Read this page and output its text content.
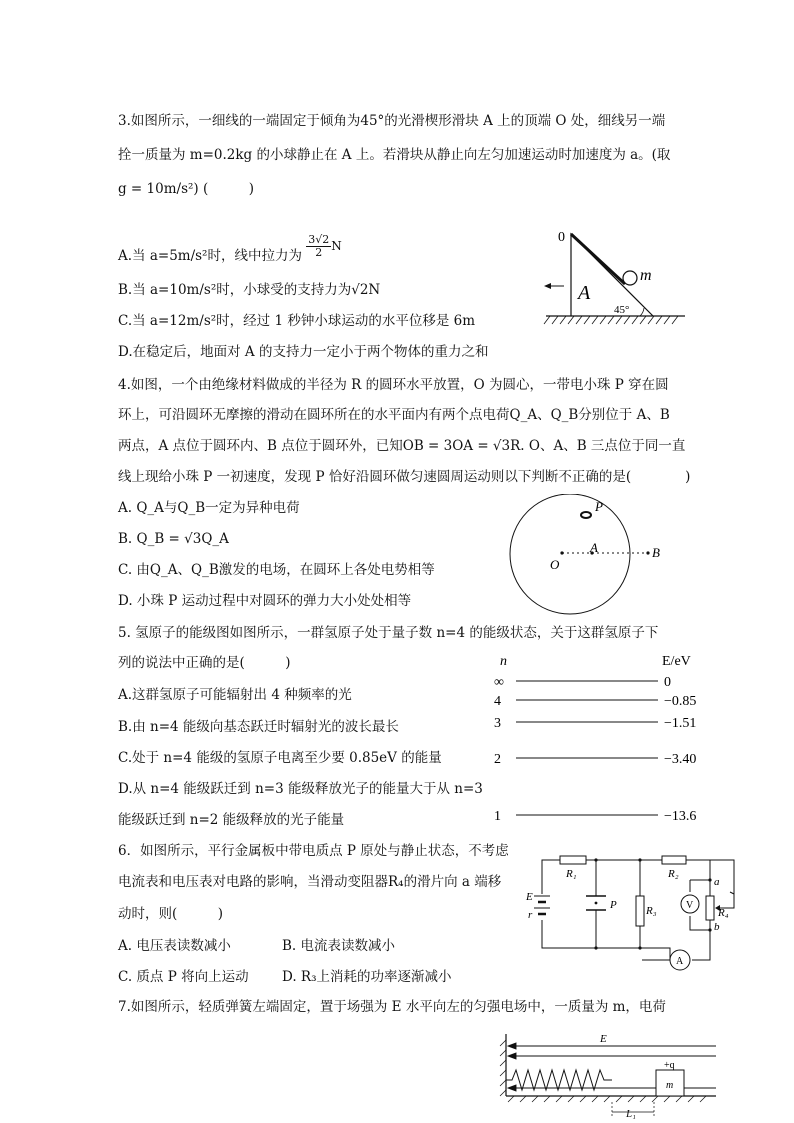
3.如图所示，一细线的一端固定于倾角为45°的光滑楔形滑块 A 上的顶端 O 处，细线另一端
拴一质量为 m=0.2kg 的小球静止在 A 上。若滑块从静止向左匀加速运动时加速度为 a。(取
g = 10m/s²) (　　　)
A.当 a=5m/s²时，线中拉力为 $\frac{3√2}{2}$ N
B.当 a=10m/s²时，小球受的支持力为√2N
C.当 a=12m/s²时，经过 1 秒钟小球运动的水平位移是 6m
D.在稳定后，地面对 A 的支持力一定小于两个物体的重力之和
0
m
A
45°
4.如图，一个由绝缘材料做成的半径为 R 的圆环水平放置，O 为圆心，一带电小珠 P 穿在圆
环上，可沿圆环无摩擦的滑动在圆环所在的水平面内有两个点电荷Q_A、Q_B分别位于 A、B
两点，A 点位于圆环内、B 点位于圆环外，已知OB = 3OA = √3R. O、A、B 三点位于同一直
线上现给小珠 P 一初速度，发现 P 恰好沿圆环做匀速圆周运动则以下判断不正确的是(　　　　)
A. Q_A与Q_B一定为异种电荷
B. Q_B = √3Q_A
C. 由Q_A、Q_B激发的电场，在圆环上各处电势相等
D. 小珠 P 运动过程中对圆环的弹力大小处处相等
P
O
A	B
5. 氢原子的能级图如图所示，一群氢原子处于量子数 n=4 的能级状态，关于这群氢原子下
列的说法中正确的是(　　　)
A.这群氢原子可能辐射出 4 种频率的光
B.由 n=4 能级向基态跃迁时辐射光的波长最长
C.处于 n=4 能级的氢原子电离至少要 0.85eV 的能量
D.从 n=4 能级跃迁到 n=3 能级释放光子的能量大于从 n=3
能级跃迁到 n=2 能级释放的光子能量
n	E/eV
∞	0
4	−0.85
3	−1.51
2	−3.40
1	−13.6
6．如图所示，平行金属板中带电质点 P 原处与静止状态，不考虑
电流表和电压表对电路的影响，当滑动变阻器R₄的滑片向 a 端移
动时，则(　　　)
A. 电压表读数减小	B. 电流表读数减小
C. 质点 P 将向上运动 D. R₃上消耗的功率逐渐减小
E
r
R₁	R₂
R₃	R₄
P	V
A
a
b
7.如图所示，轻质弹簧左端固定，置于场强为 E 水平向左的匀强电场中，一质量为 m，电荷
E
+q
m
L₁
